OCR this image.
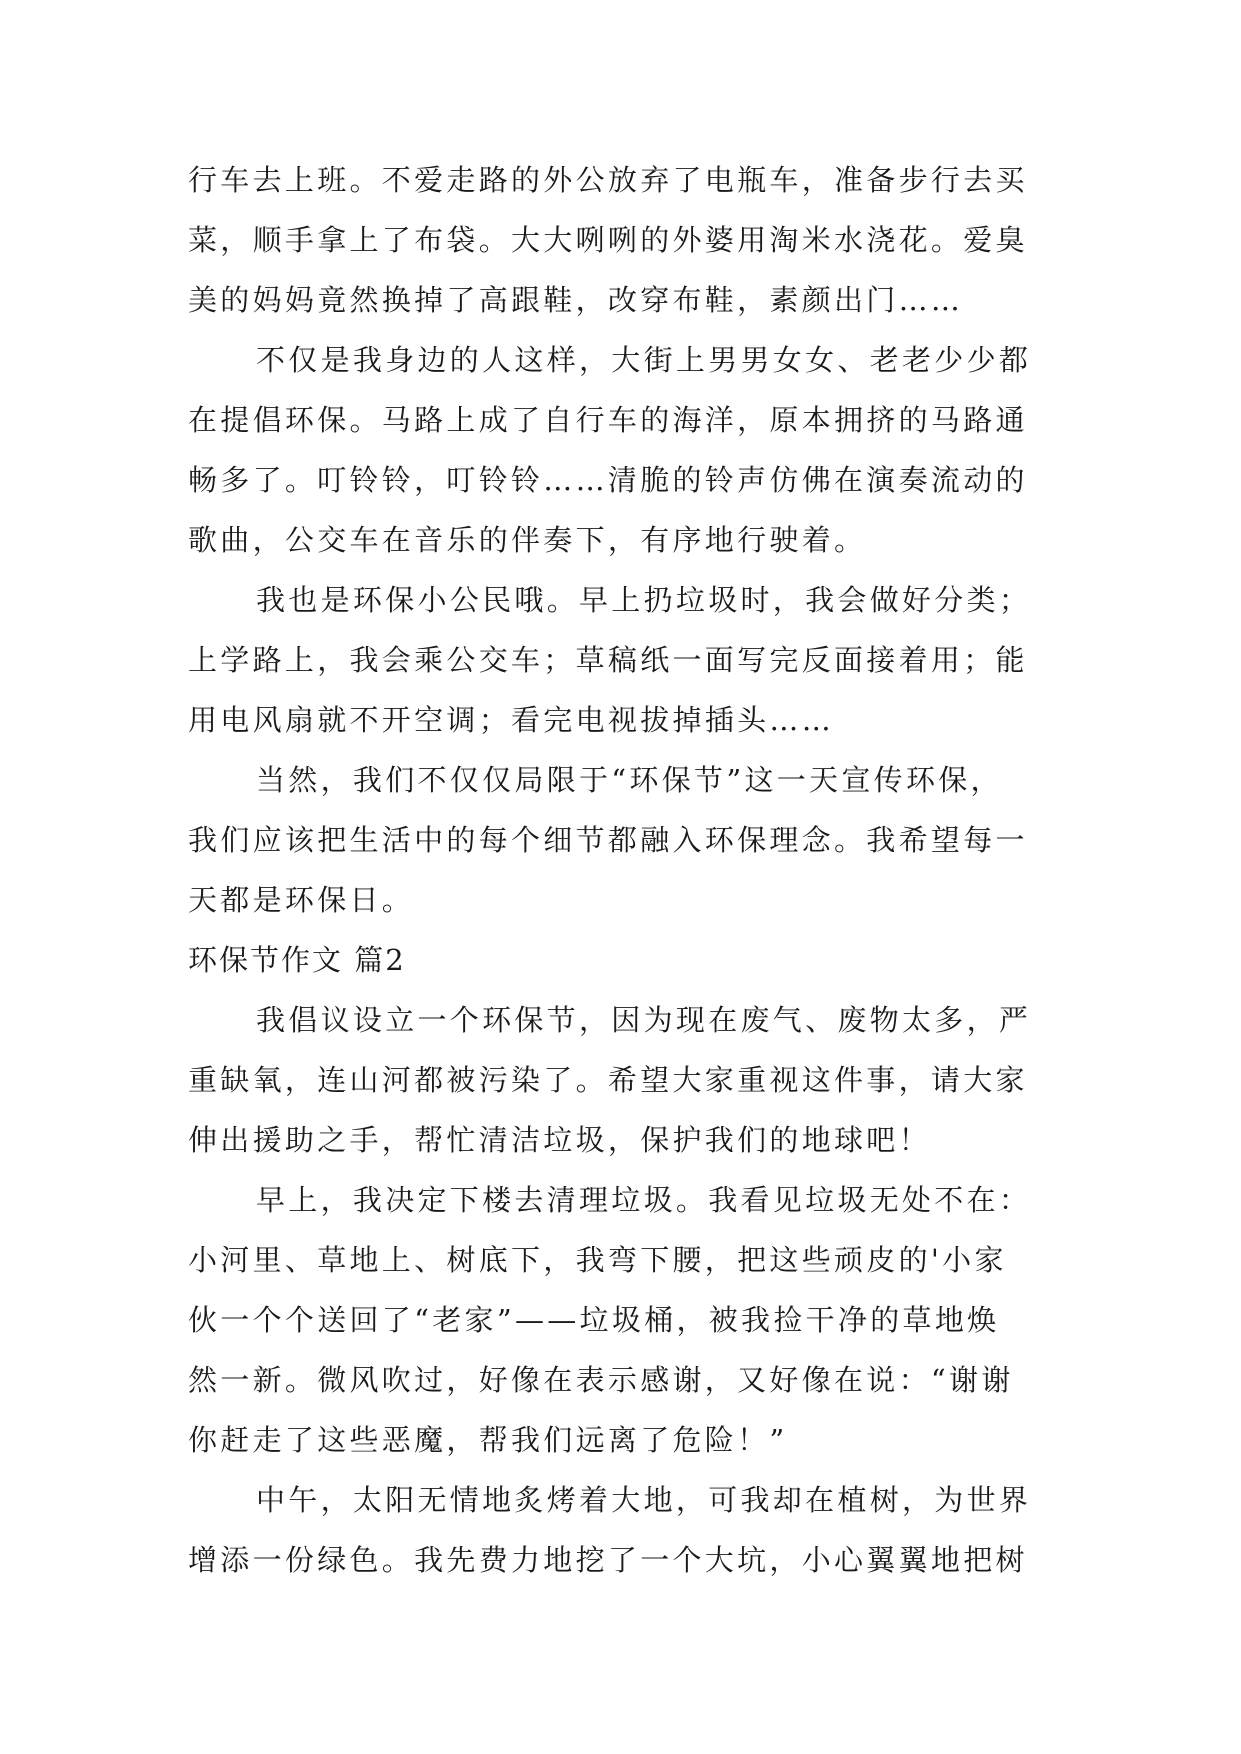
行车去上班。不爱走路的外公放弃了电瓶车，准备步行去买
菜，顺手拿上了布袋。大大咧咧的外婆用淘米水浇花。爱臭
美的妈妈竟然换掉了高跟鞋，改穿布鞋，素颜出门……
不仅是我身边的人这样，大街上男男女女、老老少少都
在提倡环保。马路上成了自行车的海洋，原本拥挤的马路通
畅多了。叮铃铃，叮铃铃……清脆的铃声仿佛在演奏流动的
歌曲，公交车在音乐的伴奏下，有序地行驶着。
我也是环保小公民哦。早上扔垃圾时，我会做好分类；
上学路上，我会乘公交车；草稿纸一面写完反面接着用；能
用电风扇就不开空调；看完电视拔掉插头……
当然，我们不仅仅局限于“环保节”这一天宣传环保，
我们应该把生活中的每个细节都融入环保理念。我希望每一
天都是环保日。
环保节作文 篇2
我倡议设立一个环保节，因为现在废气、废物太多，严
重缺氧，连山河都被污染了。希望大家重视这件事，请大家
伸出援助之手，帮忙清洁垃圾，保护我们的地球吧！
早上，我决定下楼去清理垃圾。我看见垃圾无处不在：
小河里、草地上、树底下，我弯下腰，把这些顽皮的'小家
伙一个个送回了“老家”——垃圾桶，被我捡干净的草地焕
然一新。微风吹过，好像在表示感谢，又好像在说：“谢谢
你赶走了这些恶魔，帮我们远离了危险！”
中午，太阳无情地炙烤着大地，可我却在植树，为世界
增添一份绿色。我先费力地挖了一个大坑，小心翼翼地把树
